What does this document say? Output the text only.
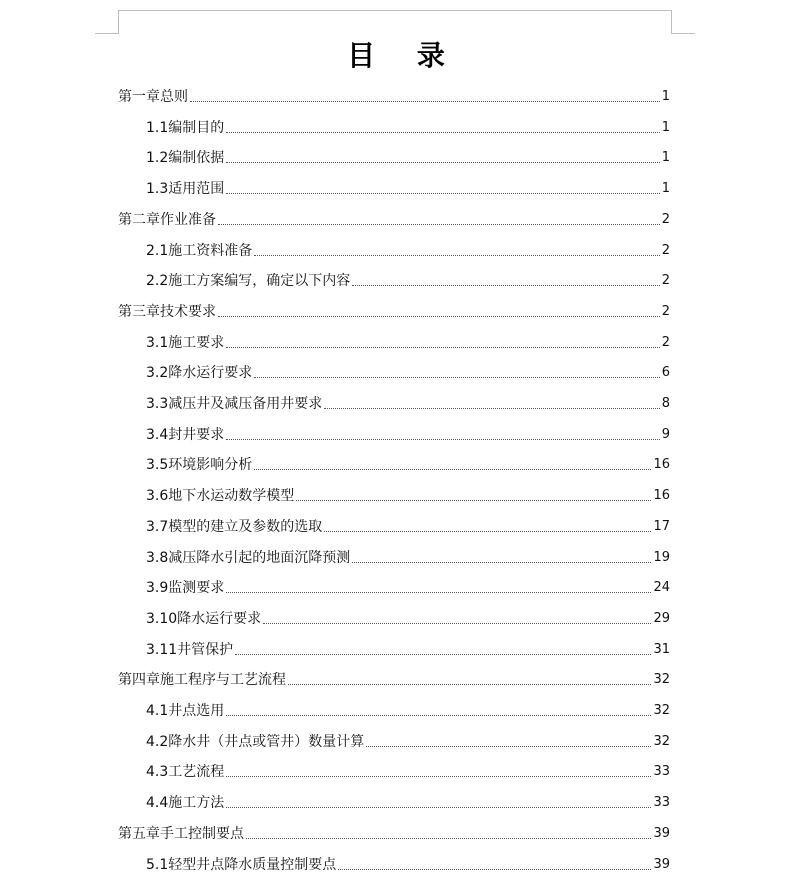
目 录
第一章总则	1
1.1编制目的	1
1.2编制依据	1
1.3适用范围	1
第二章作业准备	2
2.1施工资料准备	2
2.2施工方案编写，确定以下内容	2
第三章技术要求	2
3.1施工要求	2
3.2降水运行要求	6
3.3减压井及减压备用井要求	8
3.4封井要求	9
3.5环境影响分析	16
3.6地下水运动数学模型	16
3.7模型的建立及参数的选取	17
3.8减压降水引起的地面沉降预测	19
3.9监测要求	24
3.10降水运行要求	29
3.11井管保护	31
第四章施工程序与工艺流程	32
4.1井点选用	32
4.2降水井（井点或管井）数量计算	32
4.3工艺流程	33
4.4施工方法	33
第五章手工控制要点	39
5.1轻型井点降水质量控制要点	39
